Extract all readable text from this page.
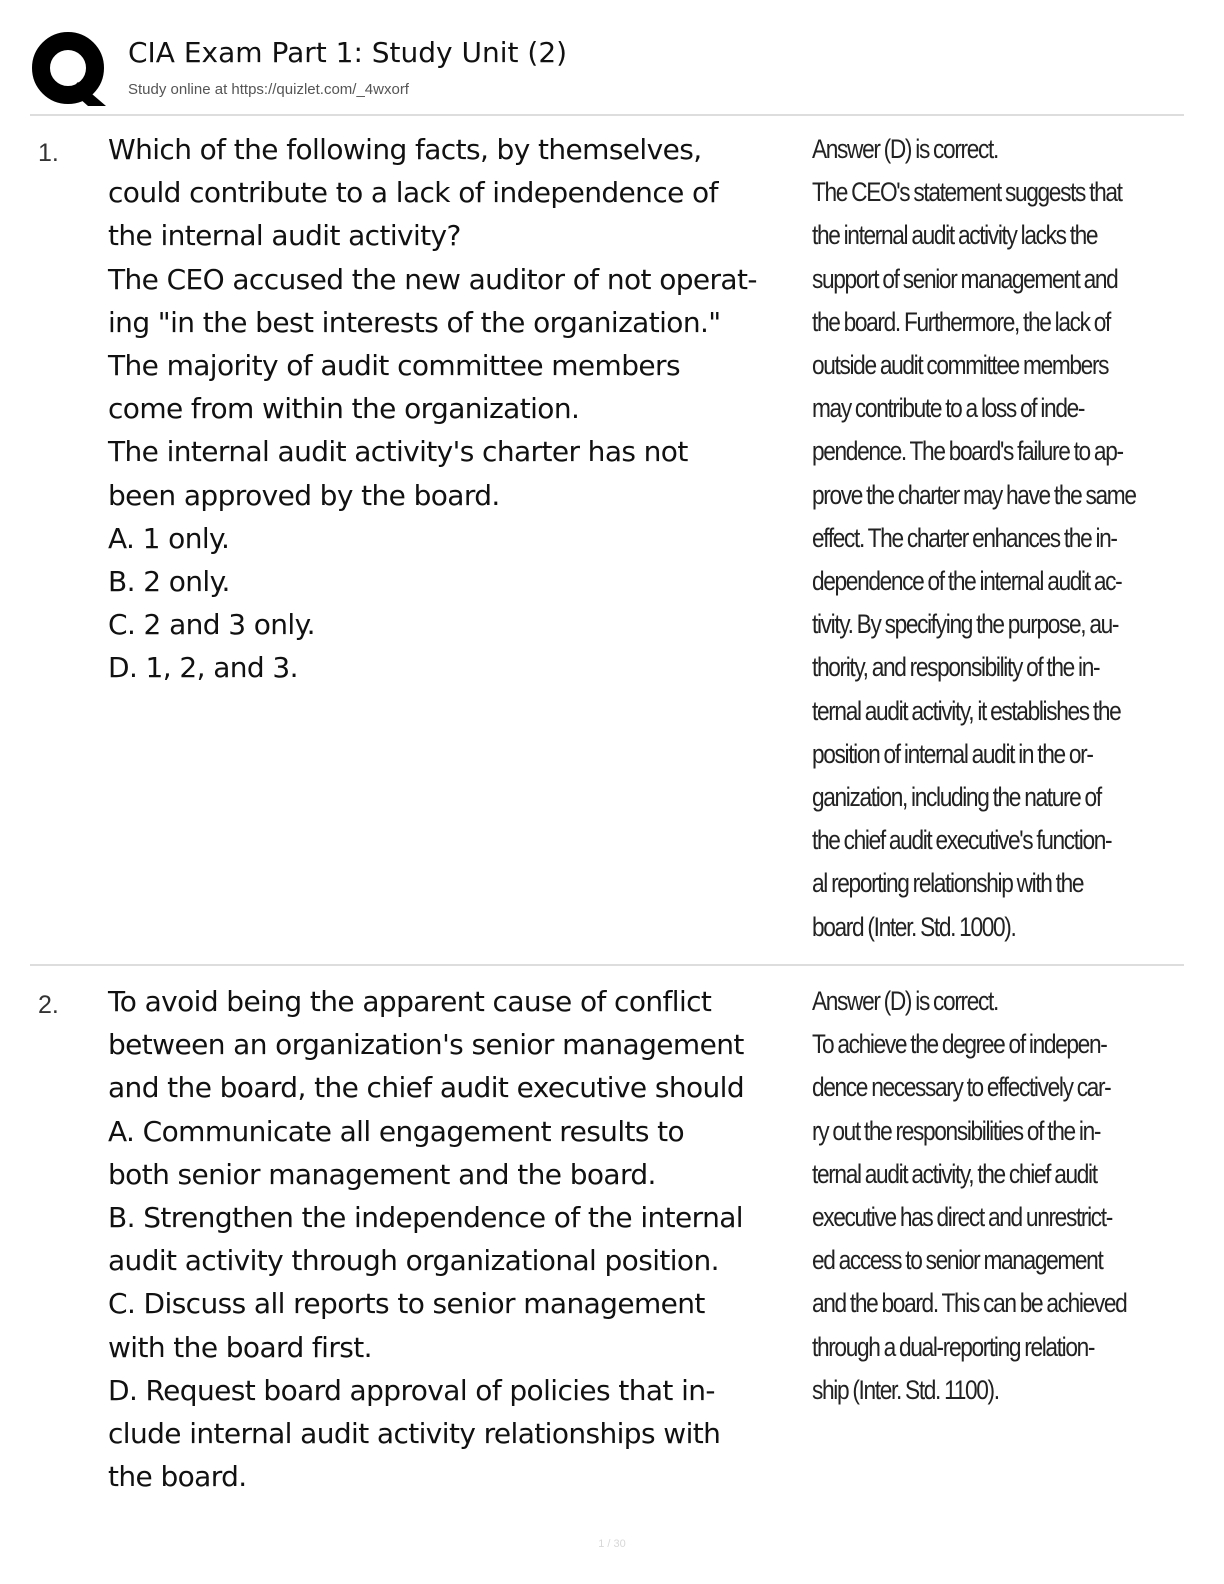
CIA Exam Part 1: Study Unit (2)
Study online at https://quizlet.com/_4wxorf
1. Which of the following facts, by themselves,
could contribute to a lack of independence of
the internal audit activity?
The CEO accused the new auditor of not operat-
ing "in the best interests of the organization."
The majority of audit committee members
come from within the organization.
The internal audit activity's charter has not
been approved by the board.
A. 1 only.
B. 2 only.
C. 2 and 3 only.
D. 1, 2, and 3.
Answer (D) is correct.
The CEO's statement suggests that
the internal audit activity lacks the
support of senior management and
the board. Furthermore, the lack of
outside audit committee members
may contribute to a loss of inde-
pendence. The board's failure to ap-
prove the charter may have the same
effect. The charter enhances the in-
dependence of the internal audit ac-
tivity. By specifying the purpose, au-
thority, and responsibility of the in-
ternal audit activity, it establishes the
position of internal audit in the or-
ganization, including the nature of
the chief audit executive's function-
al reporting relationship with the
board (Inter. Std. 1000).
2. To avoid being the apparent cause of conflict
between an organization's senior management
and the board, the chief audit executive should
A. Communicate all engagement results to
both senior management and the board.
B. Strengthen the independence of the internal
audit activity through organizational position.
C. Discuss all reports to senior management
with the board first.
D. Request board approval of policies that in-
clude internal audit activity relationships with
the board.
Answer (D) is correct.
To achieve the degree of indepen-
dence necessary to effectively car-
ry out the responsibilities of the in-
ternal audit activity, the chief audit
executive has direct and unrestrict-
ed access to senior management
and the board. This can be achieved
through a dual-reporting relation-
ship (Inter. Std. 1100).
1 / 30
